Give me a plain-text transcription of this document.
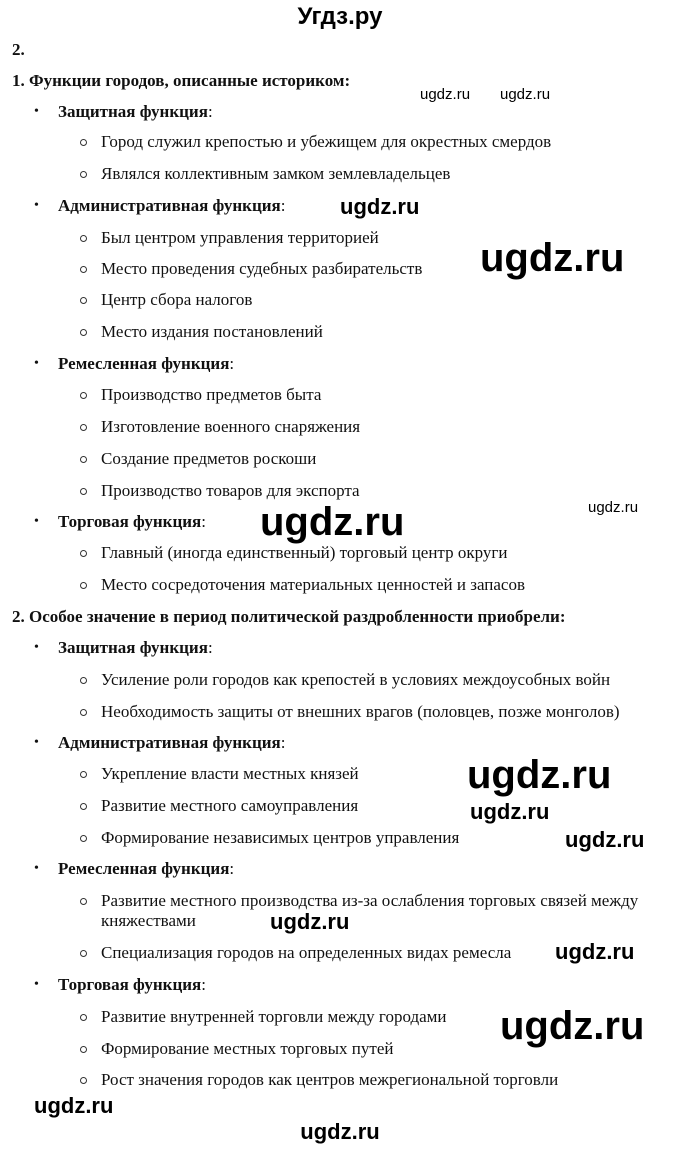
Угдз.ру
2.
1. Функции городов, описанные историком:
• Защитная функция:
Город служил крепостью и убежищем для окрестных смердов
Являлся коллективным замком землевладельцев
• Административная функция:
Был центром управления территорией
Место проведения судебных разбирательств
Центр сбора налогов
Место издания постановлений
• Ремесленная функция:
Производство предметов быта
Изготовление военного снаряжения
Создание предметов роскоши
Производство товаров для экспорта
• Торговая функция:
Главный (иногда единственный) торговый центр округи
Место сосредоточения материальных ценностей и запасов
2. Особое значение в период политической раздробленности приобрели:
• Защитная функция:
Усиление роли городов как крепостей в условиях междоусобных войн
Необходимость защиты от внешних врагов (половцев, позже монголов)
• Административная функция:
Укрепление власти местных князей
Развитие местного самоуправления
Формирование независимых центров управления
• Ремесленная функция:
Развитие местного производства из-за ослабления торговых связей между
княжествами
Специализация городов на определенных видах ремесла
• Торговая функция:
Развитие внутренней торговли между городами
Формирование местных торговых путей
Рост значения городов как центров межрегиональной торговли
ugdz.ru ugdz.ru
ugdz.ru
ugdz.ru
ugdz.ru
ugdz.ru
ugdz.ru
ugdz.ru
ugdz.ru
ugdz.ru
ugdz.ru
ugdz.ru
ugdz.ru
ugdz.ru
